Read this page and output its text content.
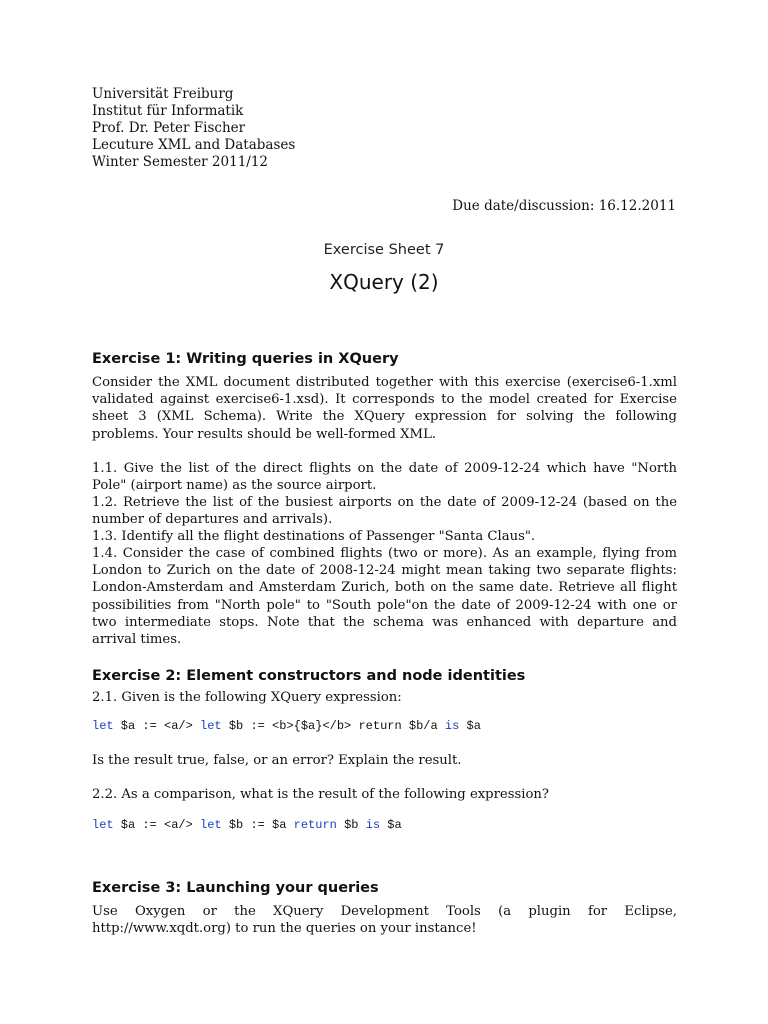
Universität Freiburg
Institut für Informatik
Prof. Dr. Peter Fischer
Lecuture XML and Databases
Winter Semester 2011/12
Due date/discussion: 16.12.2011
Exercise Sheet 7
XQuery (2)
Exercise 1: Writing queries in XQuery
Consider the XML document distributed together with this exercise (exercise6-1.xml validated against exercise6-1.xsd). It corresponds to the model created for Exercise sheet 3 (XML Schema). Write the XQuery expression for solving the following problems. Your results should be well-formed XML.
1.1. Give the list of the direct flights on the date of 2009-12-24 which have "North Pole" (airport name) as the source airport.
1.2. Retrieve the list of the busiest airports on the date of 2009-12-24 (based on the number of departures and arrivals).
1.3. Identify all the flight destinations of Passenger "Santa Claus".
1.4. Consider the case of combined flights (two or more). As an example, flying from London to Zurich on the date of 2008-12-24 might mean taking two separate flights: London-Amsterdam and Amsterdam Zurich, both on the same date. Retrieve all flight possibilities from "North pole" to "South pole"on the date of 2009-12-24 with one or two intermediate stops. Note that the schema was enhanced with departure and arrival times.
Exercise 2: Element constructors and node identities
2.1. Given is the following XQuery expression:
let $a := <a/> let $b := <b>{$a}</b> return $b/a is $a
Is the result true, false, or an error? Explain the result.
2.2. As a comparison, what is the result of the following expression?
let $a := <a/> let $b := $a return $b is $a
Exercise 3: Launching your queries
Use Oxygen or the XQuery Development Tools (a plugin for Eclipse, http://www.xqdt.org) to run the queries on your instance!
